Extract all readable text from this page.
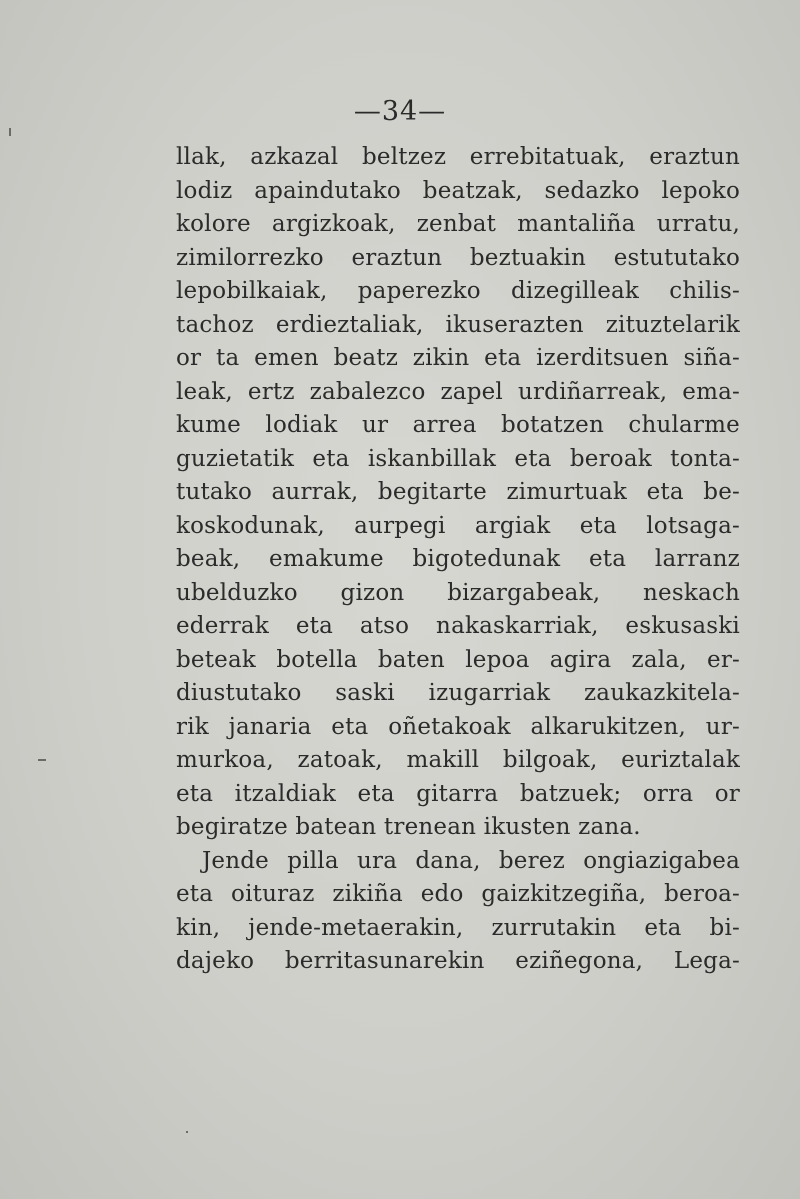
—34—
llak, azkazal beltzez errebitatuak, eraztun
lodiz apaindutako beatzak, sedazko lepoko
kolore argizkoak, zenbat mantaliña urratu,
zimilorrezko eraztun beztuakin estututako
lepobilkaiak, paperezko dizegilleak chilis-
tachoz erdieztaliak, ikuserazten zituztelarik
or ta emen beatz zikin eta izerditsuen siña-
leak, ertz zabalezco zapel urdiñarreak, ema-
kume lodiak ur arrea botatzen chularme
guzietatik eta iskanbillak eta beroak tonta-
tutako aurrak, begitarte zimurtuak eta be-
koskodunak, aurpegi argiak eta lotsaga-
beak, emakume bigotedunak eta larranz
ubelduzko gizon bizargabeak, neskach
ederrak eta atso nakaskarriak, eskusaski
beteak botella baten lepoa agira zala, er-
diustutako saski izugarriak zaukazkitela-
rik janaria eta oñetakoak alkarukitzen, ur-
murkoa, zatoak, makill bilgoak, euriztalak
eta itzaldiak eta gitarra batzuek; orra or
begiratze batean trenean ikusten zana.
Jende pilla ura dana, berez ongiazigabea
eta oituraz zikiña edo gaizkitzegiña, beroa-
kin, jende-metaerakin, zurrutakin eta bi-
dajeko berritasunarekin eziñegona, Lega-
